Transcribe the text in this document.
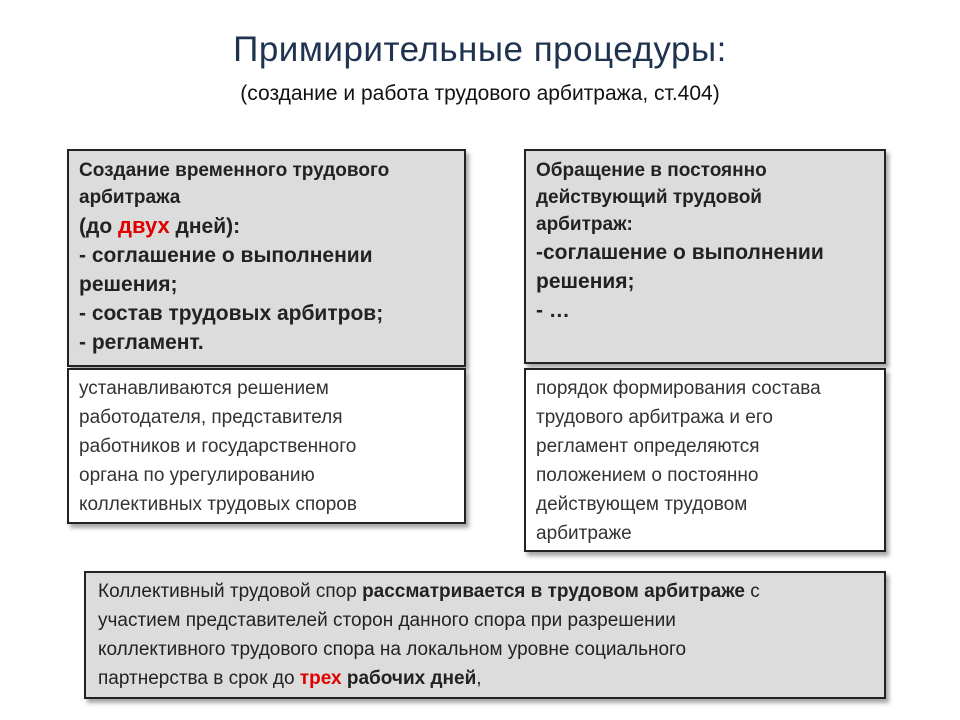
Примирительные процедуры:
(создание и работа трудового арбитража, ст.404)
Создание временного трудового
арбитража
(до двух дней):
- соглашение о выполнении
решения;
- состав трудовых арбитров;
- регламент.
устанавливаются решением
работодателя, представителя
работников и государственного
органа по урегулированию
коллективных трудовых споров
Обращение в постоянно
действующий трудовой
арбитраж:
-соглашение о выполнении
решения;
- …
порядок формирования состава
трудового арбитража и его
регламент определяются
положением о постоянно
действующем трудовом
арбитраже
Коллективный трудовой спор рассматривается в трудовом арбитраже с
участием представителей сторон данного спора при разрешении
коллективного трудового спора на локальном уровне социального
партнерства в срок до трех рабочих дней,
